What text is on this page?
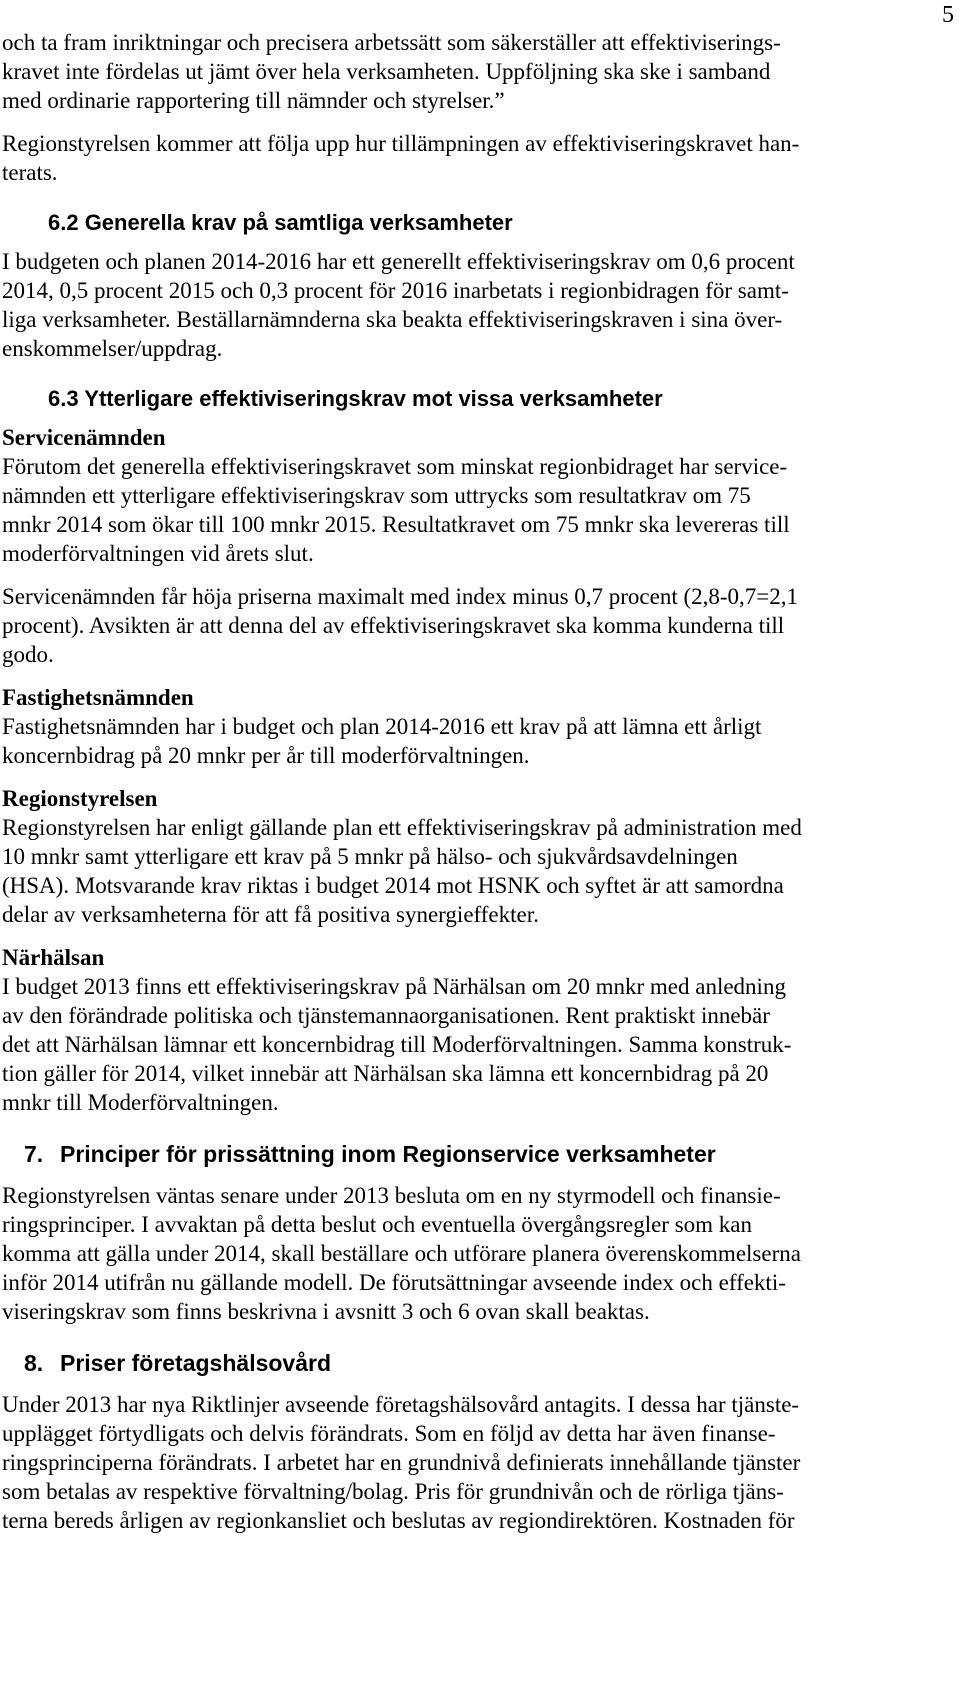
5

och ta fram inriktningar och precisera arbetssätt som säkerställer att effektiviserings-
kravet inte fördelas ut jämt över hela verksamheten. Uppföljning ska ske i samband
med ordinarie rapportering till nämnder och styrelser.”

Regionstyrelsen kommer att följa upp hur tillämpningen av effektiviseringskravet han-
terats.

6.2 Generella krav på samtliga verksamheter

I budgeten och planen 2014-2016 har ett generellt effektiviseringskrav om 0,6 procent
2014, 0,5 procent 2015 och 0,3 procent för 2016 inarbetats i regionbidragen för samt-
liga verksamheter. Beställarnämnderna ska beakta effektiviseringskraven i sina över-
enskommelser/uppdrag.

6.3 Ytterligare effektiviseringskrav mot vissa verksamheter
Servicenämnden

Förutom det generella effektiviseringskravet som minskat regionbidraget har service-
nämnden ett ytterligare effektiviseringskrav som uttrycks som resultatkrav om 75
mnkr 2014 som ökar till 100 mnkr 2015. Resultatkravet om 75 mnkr ska levereras till
moderförvaltningen vid årets slut.

Servicenämnden får höja priserna maximalt med index minus 0,7 procent (2,8-0,7=2,1
procent). Avsikten är att denna del av effektiviseringskravet ska komma kunderna till
godo.

Fastighetsnämnden

Fastighetsnämnden har i budget och plan 2014-2016 ett krav på att lämna ett årligt
koncernbidrag på 20 mnkr per år till moderförvaltningen.

Regionstyrelsen

Regionstyrelsen har enligt gällande plan ett effektiviseringskrav på administration med
10 mnkr samt ytterligare ett krav på 5 mnkr på hälso- och sjukvårdsavdelningen
(HSA). Motsvarande krav riktas i budget 2014 mot HSNK och syftet är att samordna
delar av verksamheterna för att få positiva synergieffekter.

Närhälsan

I budget 2013 finns ett effektiviseringskrav på Närhälsan om 20 mnkr med anledning
av den förändrade politiska och tjänstemannaorganisationen. Rent praktiskt innebär
det att Närhälsan lämnar ett koncernbidrag till Moderförvaltningen. Samma konstruk-
tion gäller för 2014, vilket innebär att Närhälsan ska lämna ett koncernbidrag på 20
mnkr till Moderförvaltningen.

7. Principer för prissättning inom Regionservice verksamheter

Regionstyrelsen väntas senare under 2013 besluta om en ny styrmodell och finansie-
ringsprinciper. I avvaktan på detta beslut och eventuella övergångsregler som kan
komma att gälla under 2014, skall beställare och utförare planera överenskommelserna
inför 2014 utifrån nu gällande modell. De förutsättningar avseende index och effekti-
viseringskrav som finns beskrivna i avsnitt 3 och 6 ovan skall beaktas.

8. Priser företagshälsovård

Under 2013 har nya Riktlinjer avseende företagshälsovård antagits. I dessa har tjänste-
upplägget förtydligats och delvis förändrats. Som en följd av detta har även finanse-
ringsprinciperna förändrats. I arbetet har en grundnivå definierats innehållande tjänster
som betalas av respektive förvaltning/bolag. Pris för grundnivån och de rörliga tjäns-
terna bereds årligen av regionkansliet och beslutas av regiondirektören. Kostnaden för
